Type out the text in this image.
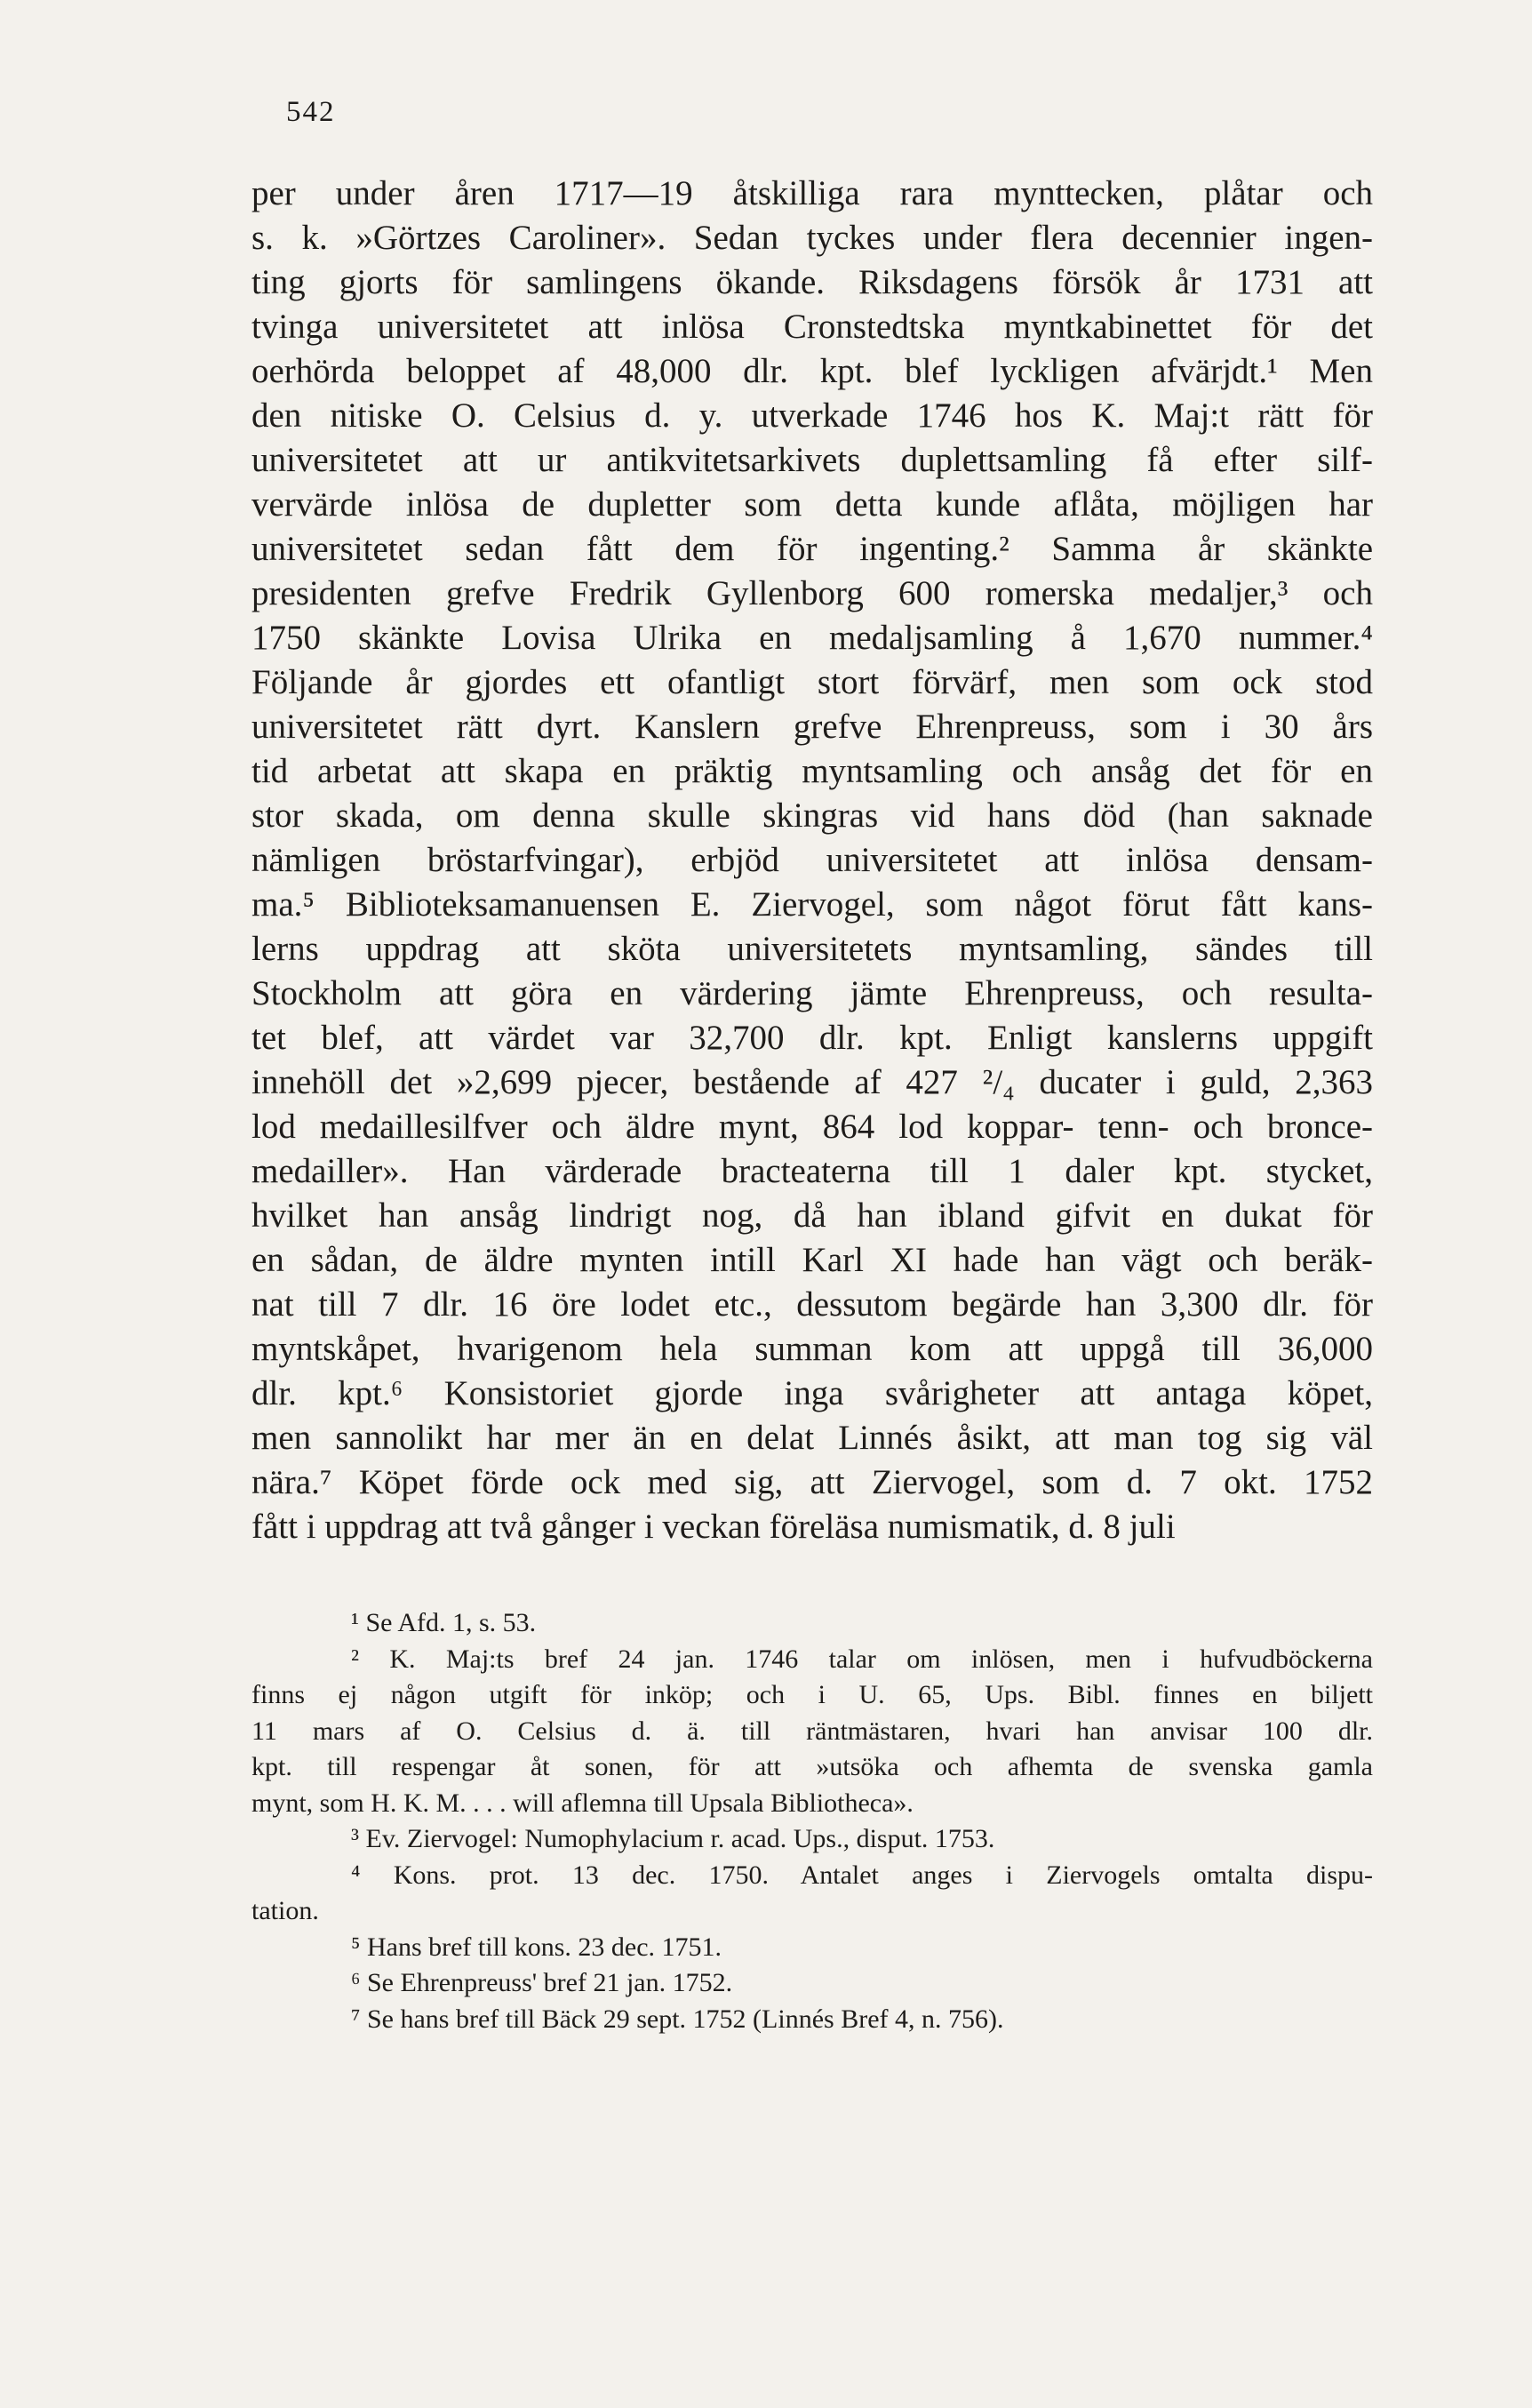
542
per under åren 1717—19 åtskilliga rara mynttecken, plåtar och
s. k. »Görtzes Caroliner». Sedan tyckes under flera decennier ingen-
ting gjorts för samlingens ökande. Riksdagens försök år 1731 att
tvinga universitetet att inlösa Cronstedtska myntkabinettet för det
oerhörda beloppet af 48,000 dlr. kpt. blef lyckligen afvärjdt.¹ Men
den nitiske O. Celsius d. y. utverkade 1746 hos K. Maj:t rätt för
universitetet att ur antikvitetsarkivets duplettsamling få efter silf-
vervärde inlösa de dupletter som detta kunde aflåta, möjligen har
universitetet sedan fått dem för ingenting.² Samma år skänkte
presidenten grefve Fredrik Gyllenborg 600 romerska medaljer,³ och
1750 skänkte Lovisa Ulrika en medaljsamling å 1,670 nummer.⁴
Följande år gjordes ett ofantligt stort förvärf, men som ock stod
universitetet rätt dyrt. Kanslern grefve Ehrenpreuss, som i 30 års
tid arbetat att skapa en präktig myntsamling och ansåg det för en
stor skada, om denna skulle skingras vid hans död (han saknade
nämligen bröstarfvingar), erbjöd universitetet att inlösa densam-
ma.⁵ Biblioteksamanuensen E. Ziervogel, som något förut fått kans-
lerns uppdrag att sköta universitetets myntsamling, sändes till
Stockholm att göra en värdering jämte Ehrenpreuss, och resulta-
tet blef, att värdet var 32,700 dlr. kpt. Enligt kanslerns uppgift
innehöll det »2,699 pjecer, bestående af 427 ²/₄ ducater i guld, 2,363
lod medaillesilfver och äldre mynt, 864 lod koppar- tenn- och bronce-
medailler». Han värderade bracteaterna till 1 daler kpt. stycket,
hvilket han ansåg lindrigt nog, då han ibland gifvit en dukat för
en sådan, de äldre mynten intill Karl XI hade han vägt och beräk-
nat till 7 dlr. 16 öre lodet etc., dessutom begärde han 3,300 dlr. för
myntskåpet, hvarigenom hela summan kom att uppgå till 36,000
dlr. kpt.⁶ Konsistoriet gjorde inga svårigheter att antaga köpet,
men sannolikt har mer än en delat Linnés åsikt, att man tog sig väl
nära.⁷ Köpet förde ock med sig, att Ziervogel, som d. 7 okt. 1752
fått i uppdrag att två gånger i veckan föreläsa numismatik, d. 8 juli
¹ Se Afd. 1, s. 53.
² K. Maj:ts bref 24 jan. 1746 talar om inlösen, men i hufvudböckerna
finns ej någon utgift för inköp; och i U. 65, Ups. Bibl. finnes en biljett
11 mars af O. Celsius d. ä. till räntmästaren, hvari han anvisar 100 dlr.
kpt. till respengar åt sonen, för att »utsöka och afhemta de svenska gamla
mynt, som H. K. M. . . . will aflemna till Upsala Bibliotheca».
³ Ev. Ziervogel: Numophylacium r. acad. Ups., disput. 1753.
⁴ Kons. prot. 13 dec. 1750. Antalet anges i Ziervogels omtalta dispu-
tation.
⁵ Hans bref till kons. 23 dec. 1751.
⁶ Se Ehrenpreuss' bref 21 jan. 1752.
⁷ Se hans bref till Bäck 29 sept. 1752 (Linnés Bref 4, n. 756).
